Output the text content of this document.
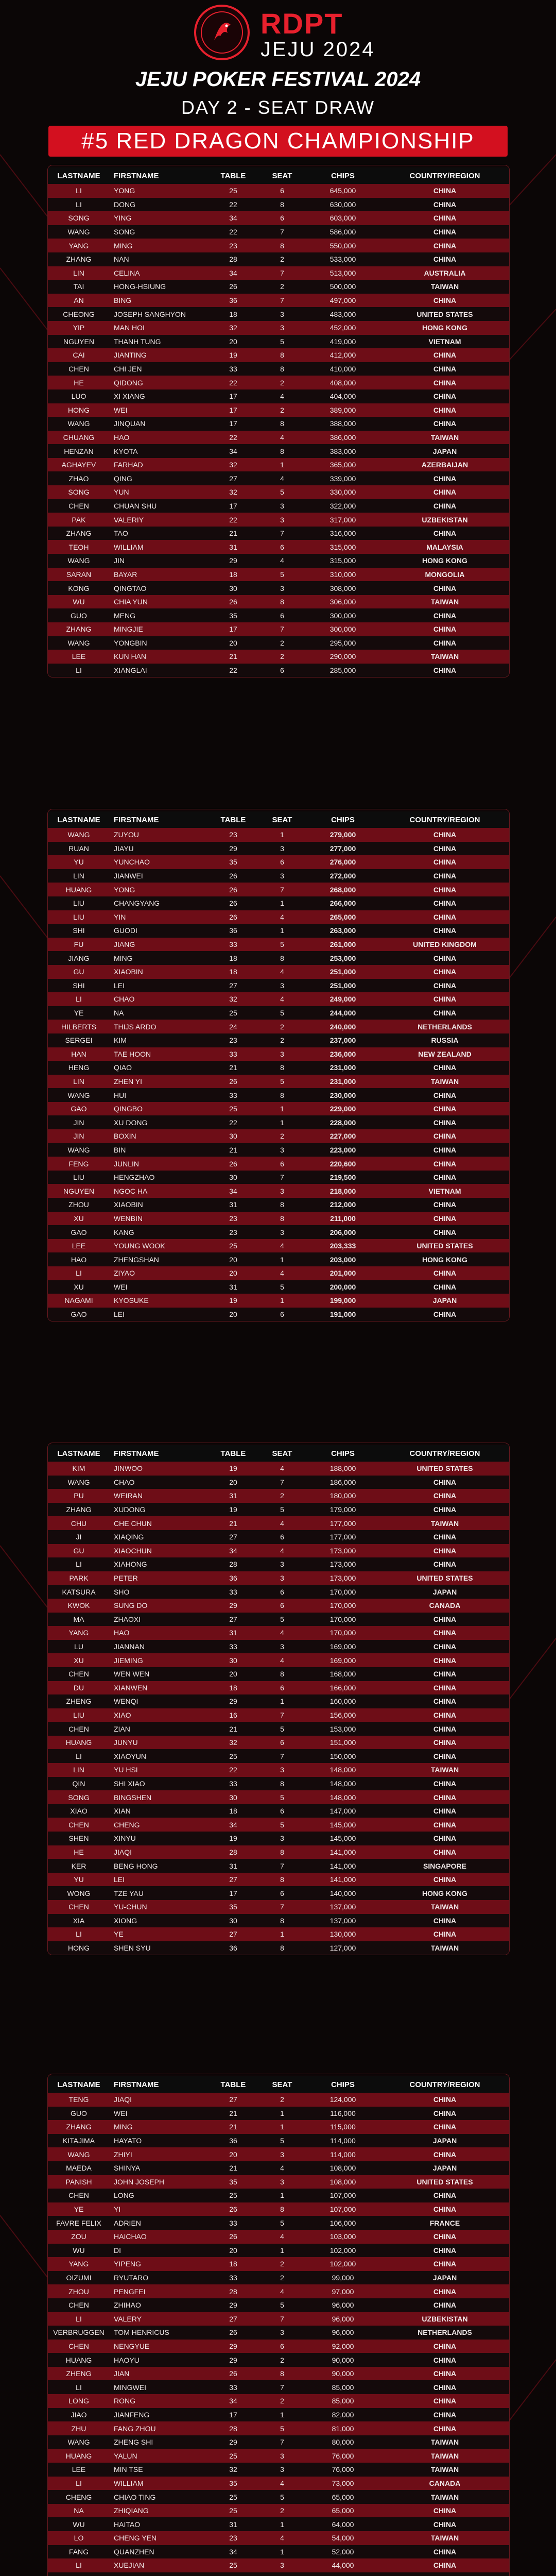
RDPT
JEJU 2024
JEJU POKER FESTIVAL 2024
DAY 2 - SEAT DRAW
#5 RED DRAGON CHAMPIONSHIP
LASTNAME	FIRSTNAME	TABLE	SEAT	CHIPS	COUNTRY/REGION
LI	YONG	25	6	645,000	CHINA
LI	DONG	22	8	630,000	CHINA
SONG	YING	34	6	603,000	CHINA
WANG	SONG	22	7	586,000	CHINA
YANG	MING	23	8	550,000	CHINA
ZHANG	NAN	28	2	533,000	CHINA
LIN	CELINA	34	7	513,000	AUSTRALIA
TAI	HONG-HSIUNG	26	2	500,000	TAIWAN
AN	BING	36	7	497,000	CHINA
CHEONG	JOSEPH SANGHYON	18	3	483,000	UNITED STATES
YIP	MAN HOI	32	3	452,000	HONG KONG
NGUYEN	THANH TUNG	20	5	419,000	VIETNAM
CAI	JIANTING	19	8	412,000	CHINA
CHEN	CHI JEN	33	8	410,000	CHINA
HE	QIDONG	22	2	408,000	CHINA
LUO	XI XIANG	17	4	404,000	CHINA
HONG	WEI	17	2	389,000	CHINA
WANG	JINQUAN	17	8	388,000	CHINA
CHUANG	HAO	22	4	386,000	TAIWAN
HENZAN	KYOTA	34	8	383,000	JAPAN
AGHAYEV	FARHAD	32	1	365,000	AZERBAIJAN
ZHAO	QING	27	4	339,000	CHINA
SONG	YUN	32	5	330,000	CHINA
CHEN	CHUAN SHU	17	3	322,000	CHINA
PAK	VALERIY	22	3	317,000	UZBEKISTAN
ZHANG	TAO	21	7	316,000	CHINA
TEOH	WILLIAM	31	6	315,000	MALAYSIA
WANG	JIN	29	4	315,000	HONG KONG
SARAN	BAYAR	18	5	310,000	MONGOLIA
KONG	QINGTAO	30	3	308,000	CHINA
WU	CHIA YUN	26	8	306,000	TAIWAN
GUO	MENG	35	6	300,000	CHINA
ZHANG	MINGJIE	17	7	300,000	CHINA
WANG	YONGBIN	20	2	295,000	CHINA
LEE	KUN HAN	21	2	290,000	TAIWAN
LI	XIANGLAI	22	6	285,000	CHINA
LASTNAME	FIRSTNAME	TABLE	SEAT	CHIPS	COUNTRY/REGION
WANG	ZUYOU	23	1	279,000	CHINA
RUAN	JIAYU	29	3	277,000	CHINA
YU	YUNCHAO	35	6	276,000	CHINA
LIN	JIANWEI	26	3	272,000	CHINA
HUANG	YONG	26	7	268,000	CHINA
LIU	CHANGYANG	26	1	266,000	CHINA
LIU	YIN	26	4	265,000	CHINA
SHI	GUODI	36	1	263,000	CHINA
FU	JIANG	33	5	261,000	UNITED KINGDOM
JIANG	MING	18	8	253,000	CHINA
GU	XIAOBIN	18	4	251,000	CHINA
SHI	LEI	27	3	251,000	CHINA
LI	CHAO	32	4	249,000	CHINA
YE	NA	25	5	244,000	CHINA
HILBERTS	THIJS ARDO	24	2	240,000	NETHERLANDS
SERGEI	KIM	23	2	237,000	RUSSIA
HAN	TAE HOON	33	3	236,000	NEW ZEALAND
HENG	QIAO	21	8	231,000	CHINA
LIN	ZHEN YI	26	5	231,000	TAIWAN
WANG	HUI	33	8	230,000	CHINA
GAO	QINGBO	25	1	229,000	CHINA
JIN	XU DONG	22	1	228,000	CHINA
JIN	BOXIN	30	2	227,000	CHINA
WANG	BIN	21	3	223,000	CHINA
FENG	JUNLIN	26	6	220,600	CHINA
LIU	HENGZHAO	30	7	219,500	CHINA
NGUYEN	NGOC HA	34	3	218,000	VIETNAM
ZHOU	XIAOBIN	31	8	212,000	CHINA
XU	WENBIN	23	8	211,000	CHINA
GAO	KANG	23	3	206,000	CHINA
LEE	YOUNG WOOK	25	4	203,333	UNITED STATES
HAO	ZHENGSHAN	20	1	203,000	HONG KONG
LI	ZIYAO	20	4	201,000	CHINA
XU	WEI	31	5	200,000	CHINA
NAGAMI	KYOSUKE	19	1	199,000	JAPAN
GAO	LEI	20	6	191,000	CHINA
LASTNAME	FIRSTNAME	TABLE	SEAT	CHIPS	COUNTRY/REGION
KIM	JINWOO	19	4	188,000	UNITED STATES
WANG	CHAO	20	7	186,000	CHINA
PU	WEIRAN	31	2	180,000	CHINA
ZHANG	XUDONG	19	5	179,000	CHINA
CHU	CHE CHUN	21	4	177,000	TAIWAN
JI	XIAQING	27	6	177,000	CHINA
GU	XIAOCHUN	34	4	173,000	CHINA
LI	XIAHONG	28	3	173,000	CHINA
PARK	PETER	36	3	173,000	UNITED STATES
KATSURA	SHO	33	6	170,000	JAPAN
KWOK	SUNG DO	29	6	170,000	CANADA
MA	ZHAOXI	27	5	170,000	CHINA
YANG	HAO	31	4	170,000	CHINA
LU	JIANNAN	33	3	169,000	CHINA
XU	JIEMING	30	4	169,000	CHINA
CHEN	WEN WEN	20	8	168,000	CHINA
DU	XIANWEN	18	6	166,000	CHINA
ZHENG	WENQI	29	1	160,000	CHINA
LIU	XIAO	16	7	156,000	CHINA
CHEN	ZIAN	21	5	153,000	CHINA
HUANG	JUNYU	32	6	151,000	CHINA
LI	XIAOYUN	25	7	150,000	CHINA
LIN	YU HSI	22	3	148,000	TAIWAN
QIN	SHI XIAO	33	8	148,000	CHINA
SONG	BINGSHEN	30	5	148,000	CHINA
XIAO	XIAN	18	6	147,000	CHINA
CHEN	CHENG	34	5	145,000	CHINA
SHEN	XINYU	19	3	145,000	CHINA
HE	JIAQI	28	8	141,000	CHINA
KER	BENG HONG	31	7	141,000	SINGAPORE
YU	LEI	27	8	141,000	CHINA
WONG	TZE YAU	17	6	140,000	HONG KONG
CHEN	YU-CHUN	35	7	137,000	TAIWAN
XIA	XIONG	30	8	137,000	CHINA
LI	YE	27	1	130,000	CHINA
HONG	SHEN SYU	36	8	127,000	TAIWAN
LASTNAME	FIRSTNAME	TABLE	SEAT	CHIPS	COUNTRY/REGION
TENG	JIAQI	27	2	124,000	CHINA
GUO	WEI	21	1	116,000	CHINA
ZHANG	MING	21	1	115,000	CHINA
KITAJIMA	HAYATO	36	5	114,000	JAPAN
WANG	ZHIYI	20	3	114,000	CHINA
MAEDA	SHINYA	21	4	108,000	JAPAN
PANISH	JOHN JOSEPH	35	3	108,000	UNITED STATES
CHEN	LONG	25	1	107,000	CHINA
YE	YI	26	8	107,000	CHINA
FAVRE FELIX	ADRIEN	33	5	106,000	FRANCE
ZOU	HAICHAO	26	4	103,000	CHINA
WU	DI	20	1	102,000	CHINA
YANG	YIPENG	18	2	102,000	CHINA
OIZUMI	RYUTARO	33	2	99,000	JAPAN
ZHOU	PENGFEI	28	4	97,000	CHINA
CHEN	ZHIHAO	29	5	96,000	CHINA
LI	VALERY	27	7	96,000	UZBEKISTAN
VERBRUGGEN	TOM HENRICUS	26	3	96,000	NETHERLANDS
CHEN	NENGYUE	29	6	92,000	CHINA
HUANG	HAOYU	29	2	90,000	CHINA
ZHENG	JIAN	26	8	90,000	CHINA
LI	MINGWEI	33	7	85,000	CHINA
LONG	RONG	34	2	85,000	CHINA
JIAO	JIANFENG	17	1	82,000	CHINA
ZHU	FANG ZHOU	28	5	81,000	CHINA
WANG	ZHENG SHI	29	7	80,000	TAIWAN
HUANG	YALUN	25	3	76,000	TAIWAN
LEE	MIN TSE	32	3	76,000	TAIWAN
LI	WILLIAM	35	4	73,000	CANADA
CHENG	CHIAO TING	25	5	65,000	TAIWAN
NA	ZHIQIANG	25	2	65,000	CHINA
WU	HAITAO	31	1	64,000	CHINA
LO	CHENG YEN	23	4	54,000	TAIWAN
FANG	QUANZHEN	34	1	52,000	CHINA
LI	XUEJIAN	25	3	44,000	CHINA
